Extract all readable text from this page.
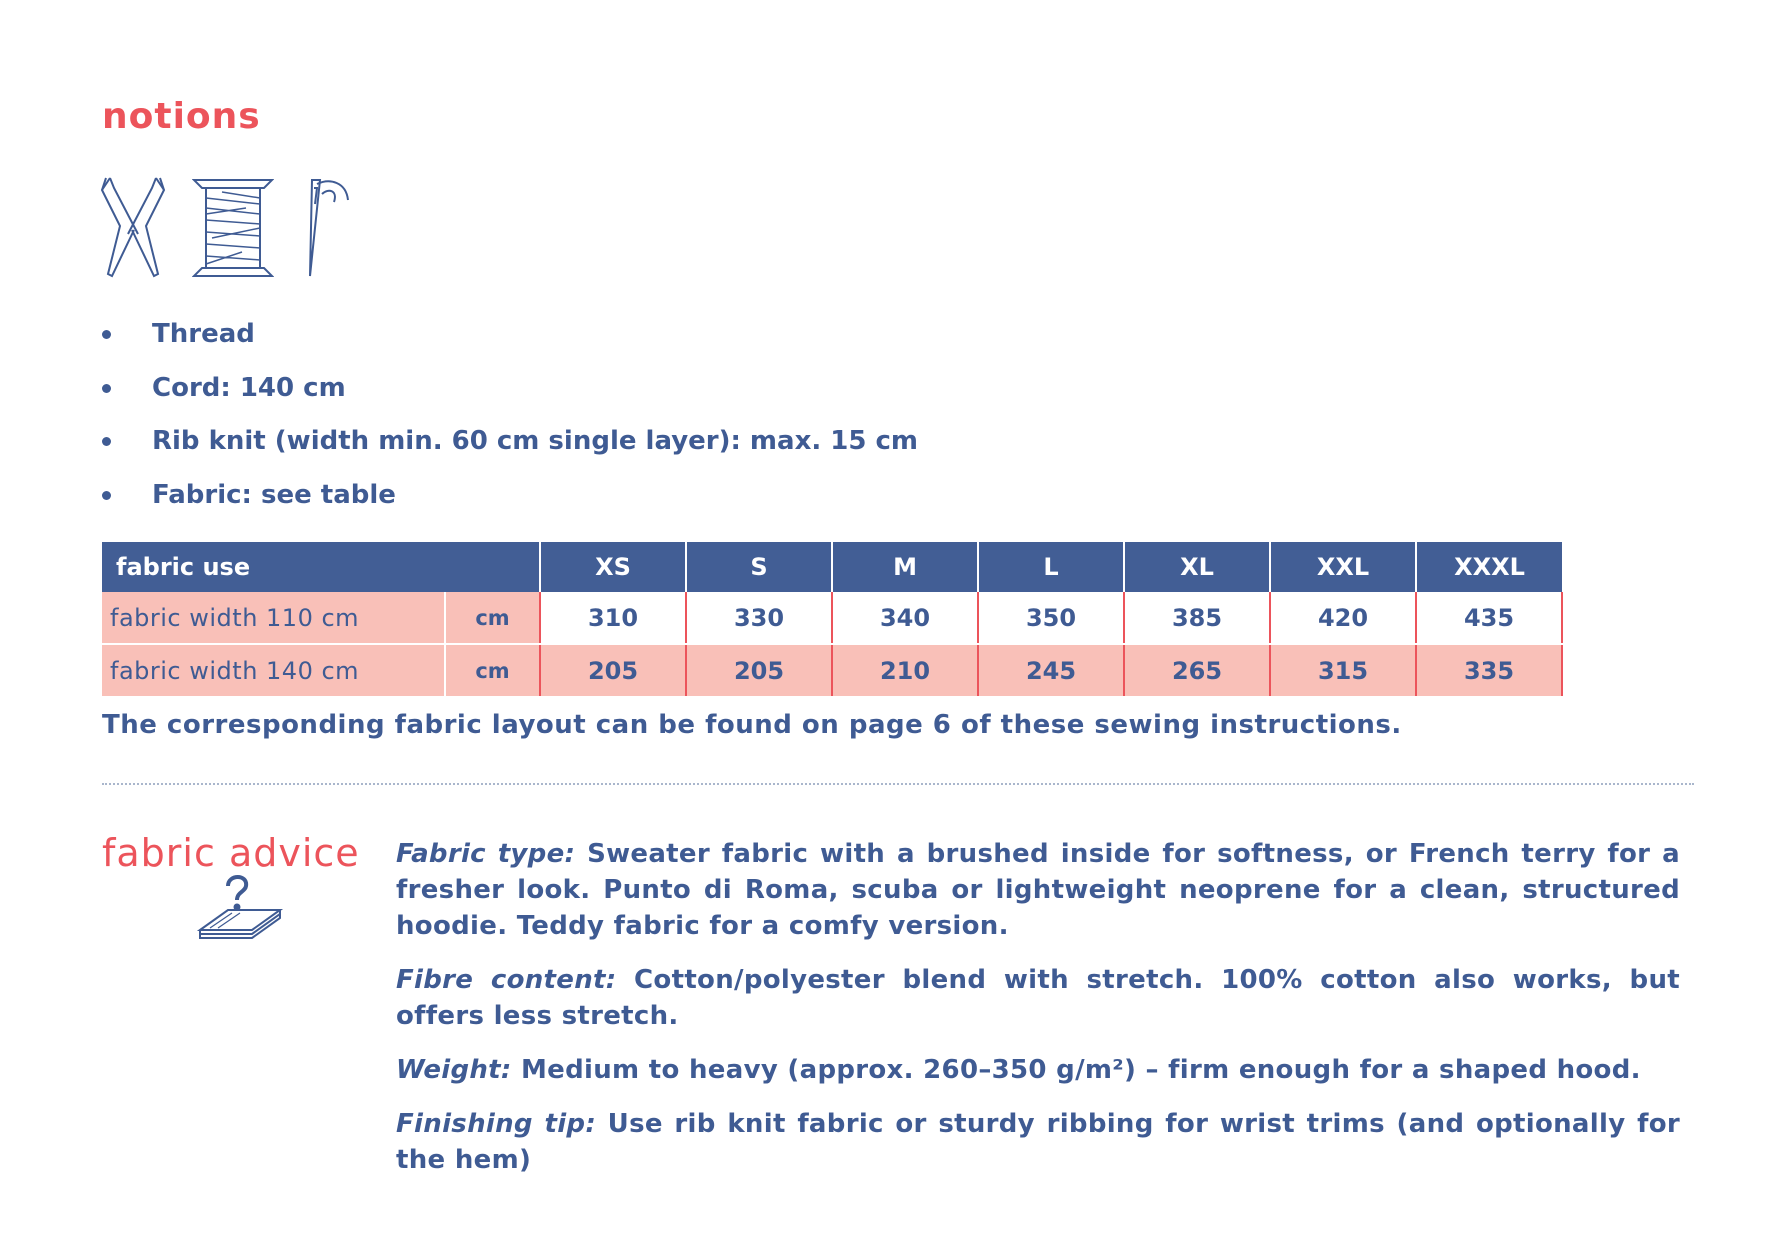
notions
Thread
Cord: 140 cm
Rib knit (width min. 60 cm single layer): max. 15 cm
Fabric: see table
fabric use		XS	S	M	L	XL	XXL	XXXL
fabric width 110 cm	cm	310	330	340	350	385	420	435
fabric width 140 cm	cm	205	205	210	245	265	315	335
The corresponding fabric layout can be found on page 6 of these sewing instructions.
fabric advice Fabric type: Sweater fabric with a brushed inside for softness, or French terry for a fresher look. Punto di Roma, scuba or lightweight neoprene for a clean, structured hoodie. Teddy fabric for a comfy version.

Fibre content: Cotton/polyester blend with stretch. 100% cotton also works, but offers less stretch.

Weight: Medium to heavy (approx. 260–350 g/m²) – firm enough for a shaped hood.

Finishing tip: Use rib knit fabric or sturdy ribbing for wrist trims (and optionally for the hem)
